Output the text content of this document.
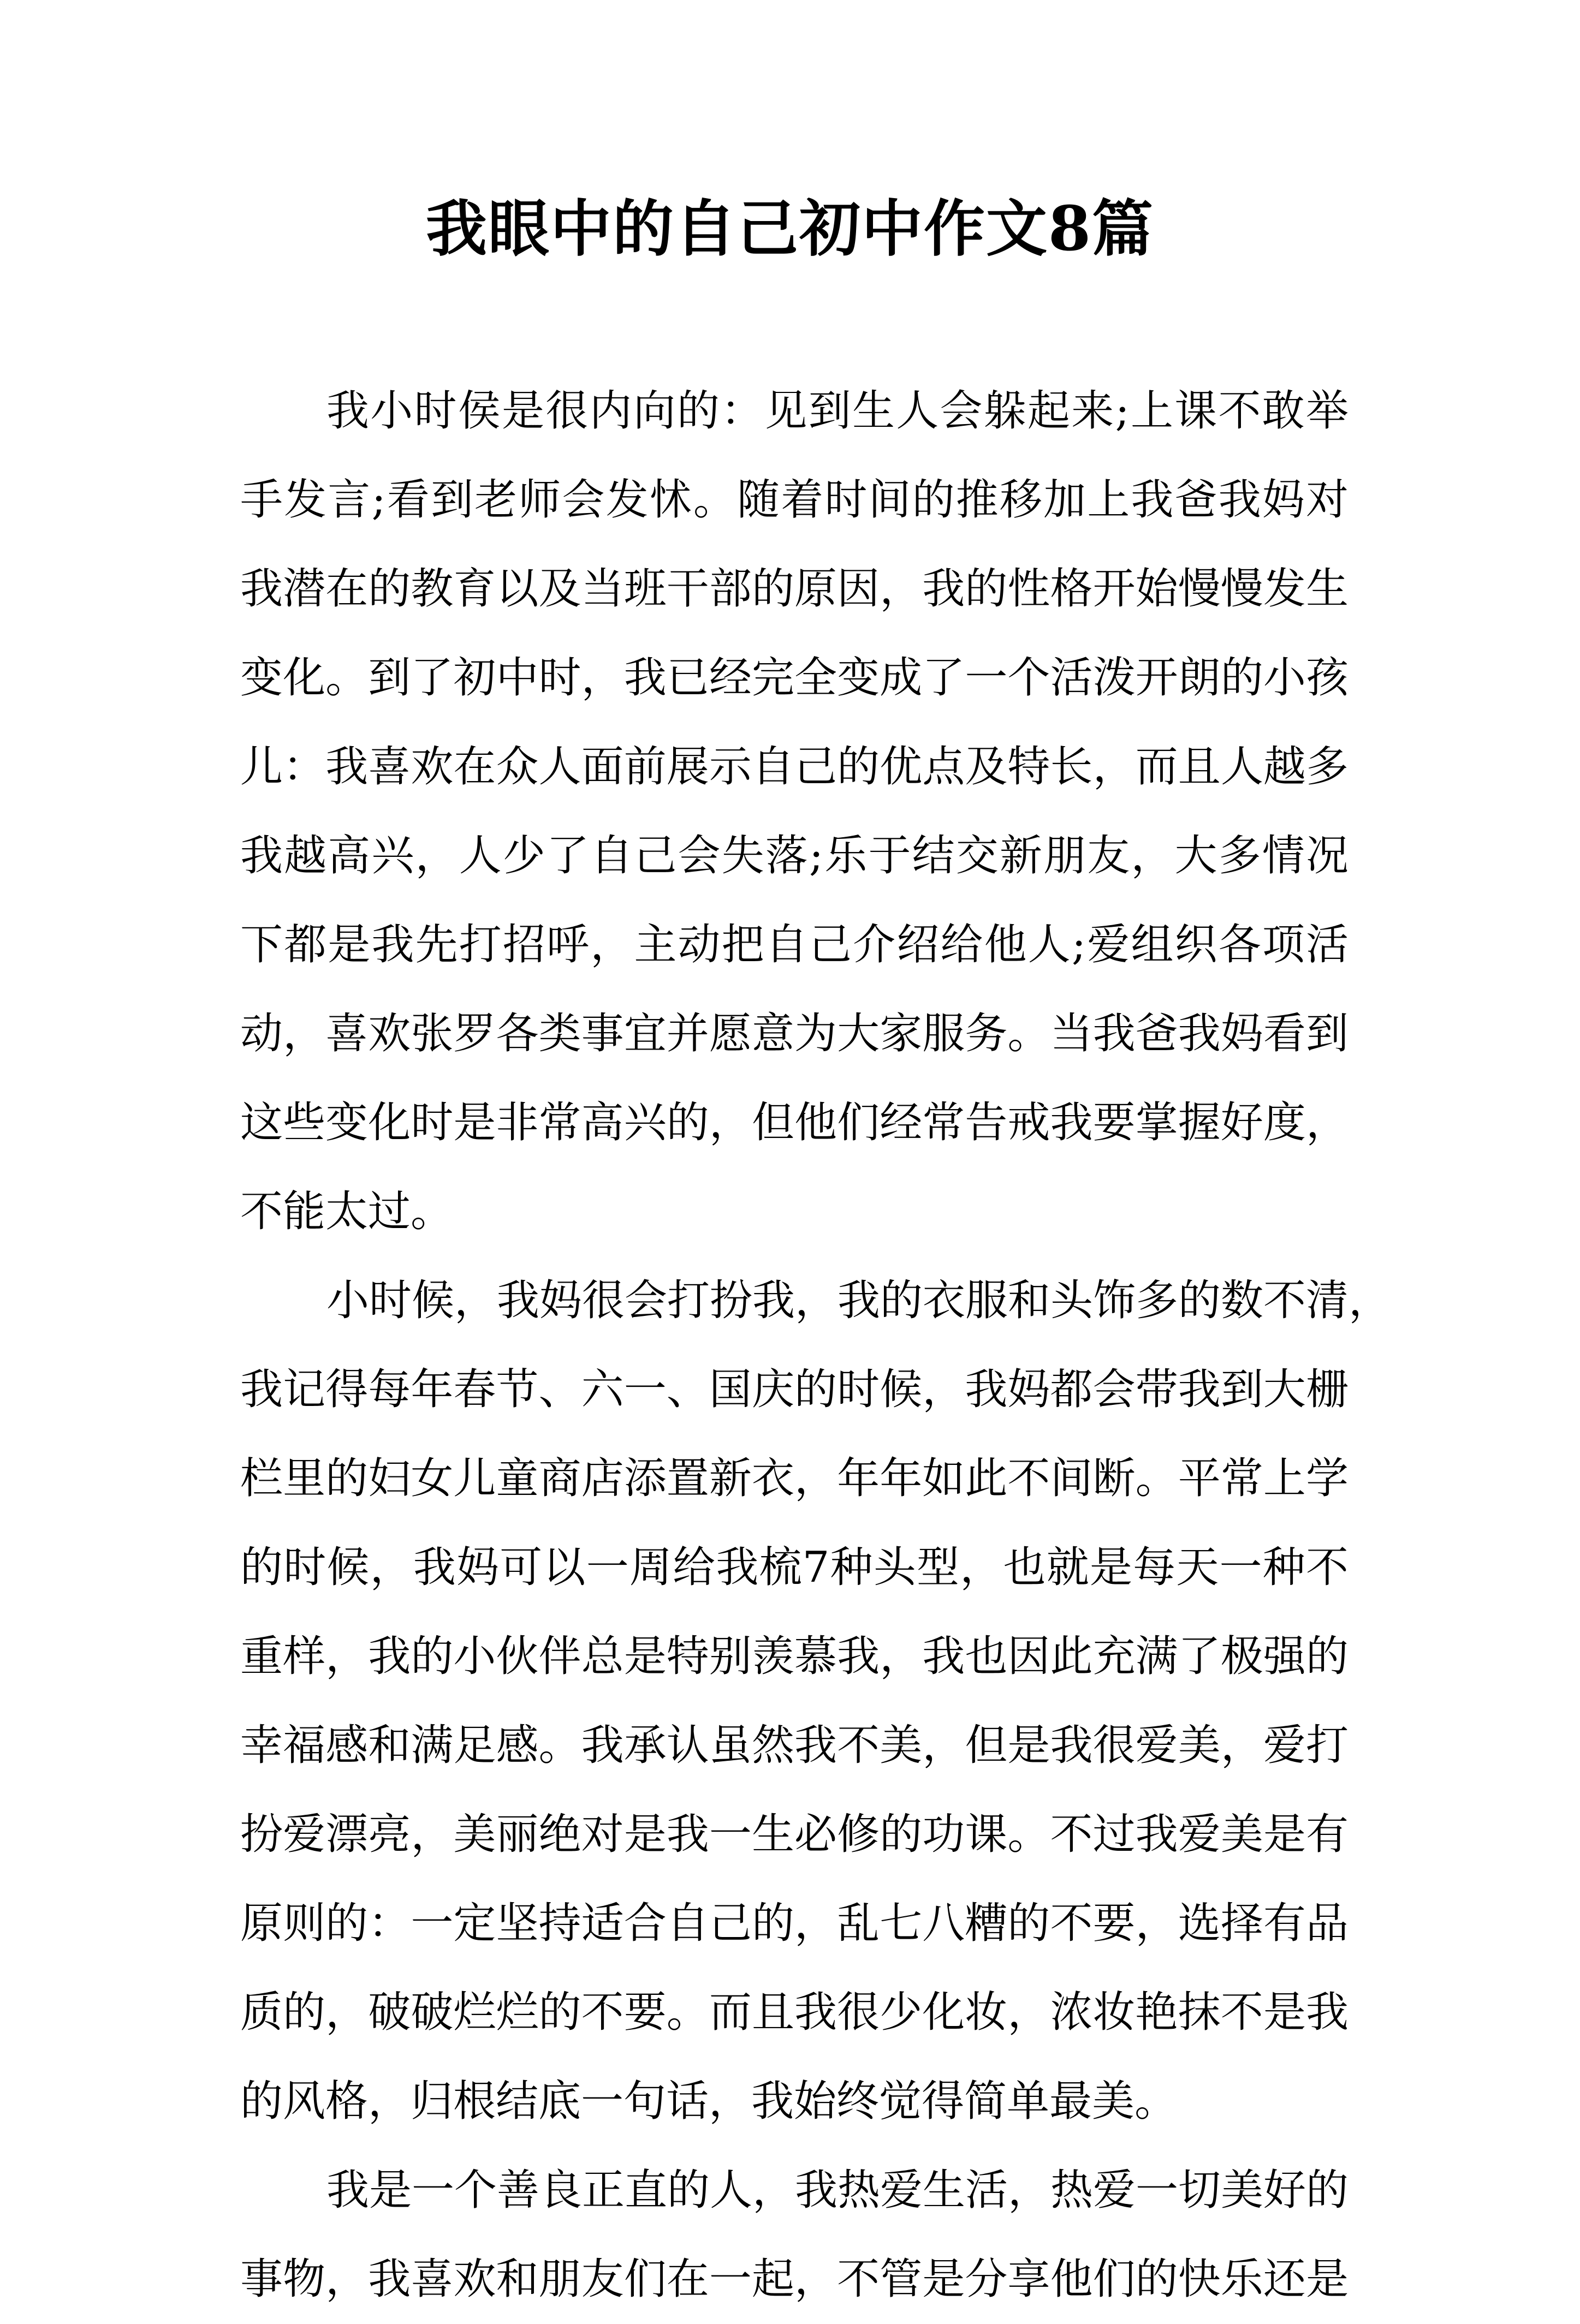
我眼中的自己初中作文8篇
我小时侯是很内向的：见到生人会躲起来;上课不敢举
手发言;看到老师会发怵。随着时间的推移加上我爸我妈对
我潜在的教育以及当班干部的原因，我的性格开始慢慢发生
变化。到了初中时，我已经完全变成了一个活泼开朗的小孩
儿：我喜欢在众人面前展示自己的优点及特长，而且人越多
我越高兴，人少了自己会失落;乐于结交新朋友，大多情况
下都是我先打招呼，主动把自己介绍给他人;爱组织各项活
动，喜欢张罗各类事宜并愿意为大家服务。当我爸我妈看到
这些变化时是非常高兴的，但他们经常告戒我要掌握好度，
不能太过。
小时候，我妈很会打扮我，我的衣服和头饰多的数不清，
我记得每年春节、六一、国庆的时候，我妈都会带我到大栅
栏里的妇女儿童商店添置新衣，年年如此不间断。平常上学
的时候，我妈可以一周给我梳7种头型，也就是每天一种不
重样，我的小伙伴总是特别羡慕我，我也因此充满了极强的
幸福感和满足感。我承认虽然我不美，但是我很爱美，爱打
扮爱漂亮，美丽绝对是我一生必修的功课。不过我爱美是有
原则的：一定坚持适合自己的，乱七八糟的不要，选择有品
质的，破破烂烂的不要。而且我很少化妆，浓妆艳抹不是我
的风格，归根结底一句话，我始终觉得简单最美。
我是一个善良正直的人，我热爱生活，热爱一切美好的
事物，我喜欢和朋友们在一起，不管是分享他们的快乐还是
